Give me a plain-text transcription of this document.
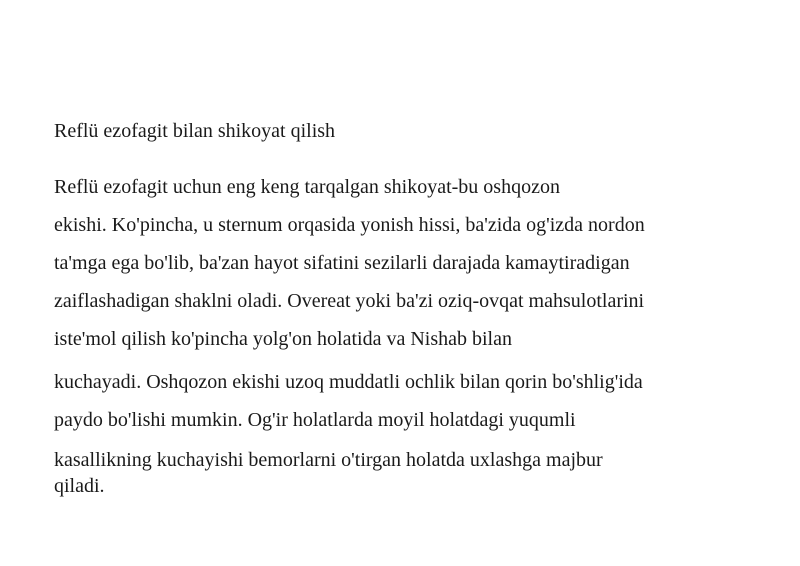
Reflü ezofagit bilan shikoyat qilish
Reflü ezofagit uchun eng keng tarqalgan shikoyat-bu oshqozon
ekishi. Ko'pincha, u sternum orqasida yonish hissi, ba'zida og'izda nordon
ta'mga ega bo'lib, ba'zan hayot sifatini sezilarli darajada kamaytiradigan
zaiflashadigan shaklni oladi. Overeat yoki ba'zi oziq-ovqat mahsulotlarini
iste'mol qilish ko'pincha yolg'on holatida va Nishab bilan
kuchayadi. Oshqozon ekishi uzoq muddatli ochlik bilan qorin bo'shlig'ida
paydo bo'lishi mumkin. Og'ir holatlarda moyil holatdagi yuqumli
kasallikning kuchayishi bemorlarni o'tirgan holatda uxlashga majbur
qiladi.
